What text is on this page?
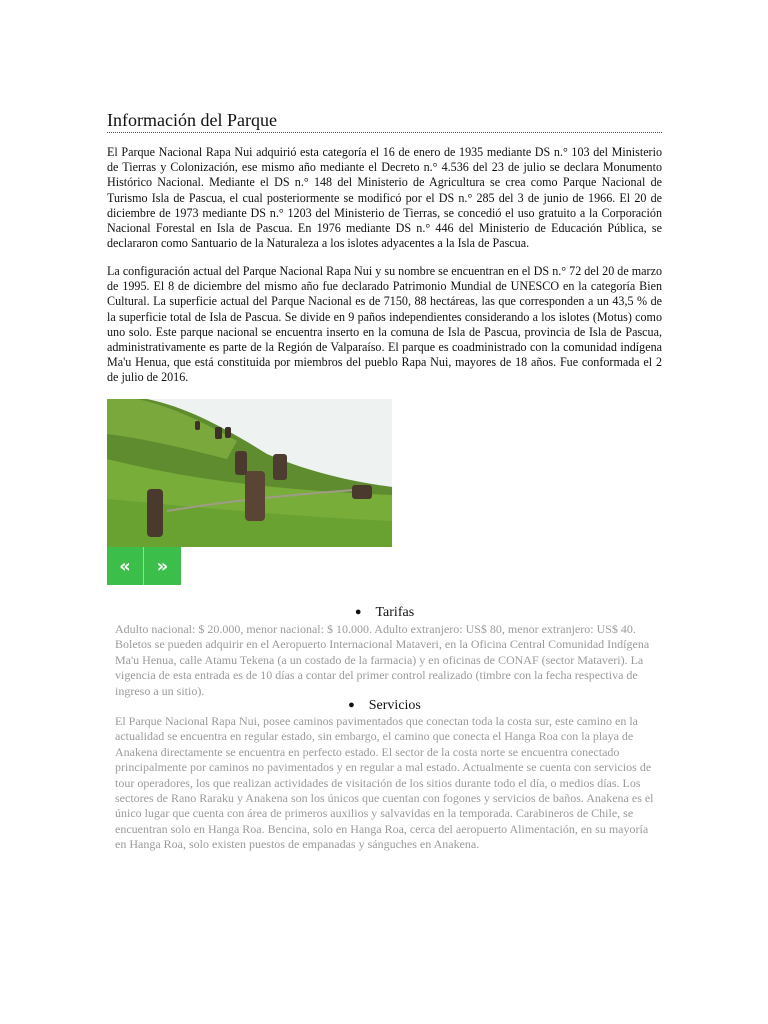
Información del Parque

El Parque Nacional Rapa Nui adquirió esta categoría el 16 de enero de 1935 mediante DS n.° 103 del Ministerio de Tierras y Colonización, ese mismo año mediante el Decreto n.° 4.536 del 23 de julio se declara Monumento Histórico Nacional. Mediante el DS n.° 148 del Ministerio de Agricultura se crea como Parque Nacional de Turismo Isla de Pascua, el cual posteriormente se modificó por el DS n.° 285 del 3 de junio de 1966. El 20 de diciembre de 1973 mediante DS n.° 1203 del Ministerio de Tierras, se concedió el uso gratuito a la Corporación Nacional Forestal en Isla de Pascua. En 1976 mediante DS n.° 446 del Ministerio de Educación Pública, se declararon como Santuario de la Naturaleza a los islotes adyacentes a la Isla de Pascua.

La configuración actual del Parque Nacional Rapa Nui y su nombre se encuentran en el DS n.° 72 del 20 de marzo de 1995. El 8 de diciembre del mismo año fue declarado Patrimonio Mundial de UNESCO en la categoría Bien Cultural. La superficie actual del Parque Nacional es de 7150, 88 hectáreas, las que corresponden a un 43,5 % de la superficie total de Isla de Pascua. Se divide en 9 paños independientes considerando a los islotes (Motus) como uno solo. Este parque nacional se encuentra inserto en la comuna de Isla de Pascua, provincia de Isla de Pascua, administrativamente es parte de la Región de Valparaíso. El parque es coadministrado con la comunidad indígena Ma'u Henua, que está constituida por miembros del pueblo Rapa Nui, mayores de 18 años. Fue conformada el 2 de julio de 2016.

«	»
● Tarifas

Adulto nacional: $ 20.000, menor nacional: $ 10.000. Adulto extranjero: US$ 80, menor extranjero: US$ 40. Boletos se pueden adquirir en el Aeropuerto Internacional Mataveri, en la Oficina Central Comunidad Indígena Ma'u Henua, calle Atamu Tekena (a un costado de la farmacia) y en oficinas de CONAF (sector Mataveri). La vigencia de esta entrada es de 10 días a contar del primer control realizado (timbre con la fecha respectiva de ingreso a un sitio).

● Servicios

El Parque Nacional Rapa Nui, posee caminos pavimentados que conectan toda la costa sur, este camino en la actualidad se encuentra en regular estado, sin embargo, el camino que conecta el Hanga Roa con la playa de Anakena directamente se encuentra en perfecto estado. El sector de la costa norte se encuentra conectado principalmente por caminos no pavimentados y en regular a mal estado. Actualmente se cuenta con servicios de tour operadores, los que realizan actividades de visitación de los sitios durante todo el día, o medios días. Los sectores de Rano Raraku y Anakena son los únicos que cuentan con fogones y servicios de baños. Anakena es el único lugar que cuenta con área de primeros auxilios y salvavidas en la temporada. Carabineros de Chile, se encuentran solo en Hanga Roa. Bencina, solo en Hanga Roa, cerca del aeropuerto Alimentación, en su mayoría en Hanga Roa, solo existen puestos de empanadas y sánguches en Anakena.
